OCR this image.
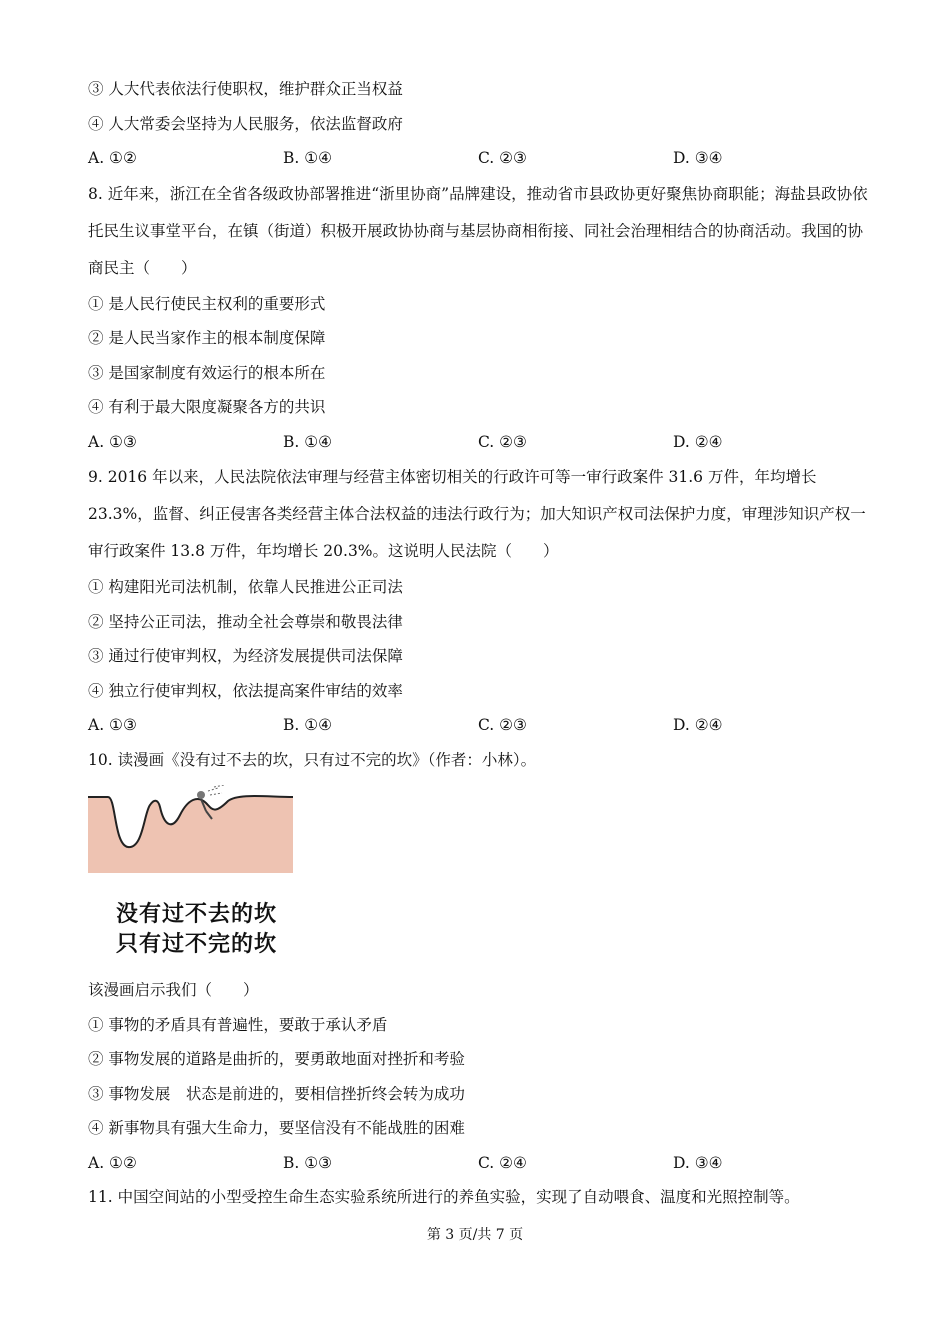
③ 人大代表依法行使职权，维护群众正当权益
④ 人大常委会坚持为人民服务，依法监督政府
A. ①②	B. ①④	C. ②③	D. ③④
8. 近年来，浙江在全省各级政协部署推进“浙里协商”品牌建设，推动省市县政协更好聚焦协商职能；海盐县政协依托民生议事堂平台，在镇（街道）积极开展政协协商与基层协商相衔接、同社会治理相结合的协商活动。我国的协商民主（　　）
① 是人民行使民主权利的重要形式
② 是人民当家作主的根本制度保障
③ 是国家制度有效运行的根本所在
④ 有利于最大限度凝聚各方的共识
A. ①③	B. ①④	C. ②③	D. ②④
9. 2016 年以来，人民法院依法审理与经营主体密切相关的行政许可等一审行政案件 31.6 万件，年均增长 23.3%，监督、纠正侵害各类经营主体合法权益的违法行政行为；加大知识产权司法保护力度，审理涉知识产权一审行政案件 13.8 万件，年均增长 20.3%。这说明人民法院（　　）
① 构建阳光司法机制，依靠人民推进公正司法
② 坚持公正司法，推动全社会尊崇和敬畏法律
③ 通过行使审判权，为经济发展提供司法保障
④ 独立行使审判权，依法提高案件审结的效率
A. ①③	B. ①④	C. ②③	D. ②④
10. 读漫画《没有过不去的坎，只有过不完的坎》（作者：小林）。
没有过不去的坎
只有过不完的坎
该漫画启示我们（　　）
① 事物的矛盾具有普遍性，要敢于承认矛盾
② 事物发展的道路是曲折的，要勇敢地面对挫折和考验
③ 事物发展　状态是前进的，要相信挫折终会转为成功
④ 新事物具有强大生命力，要坚信没有不能战胜的困难
A. ①②	B. ①③	C. ②④	D. ③④
11. 中国空间站的小型受控生命生态实验系统所进行的养鱼实验，实现了自动喂食、温度和光照控制等。
第 3 页/共 7 页
